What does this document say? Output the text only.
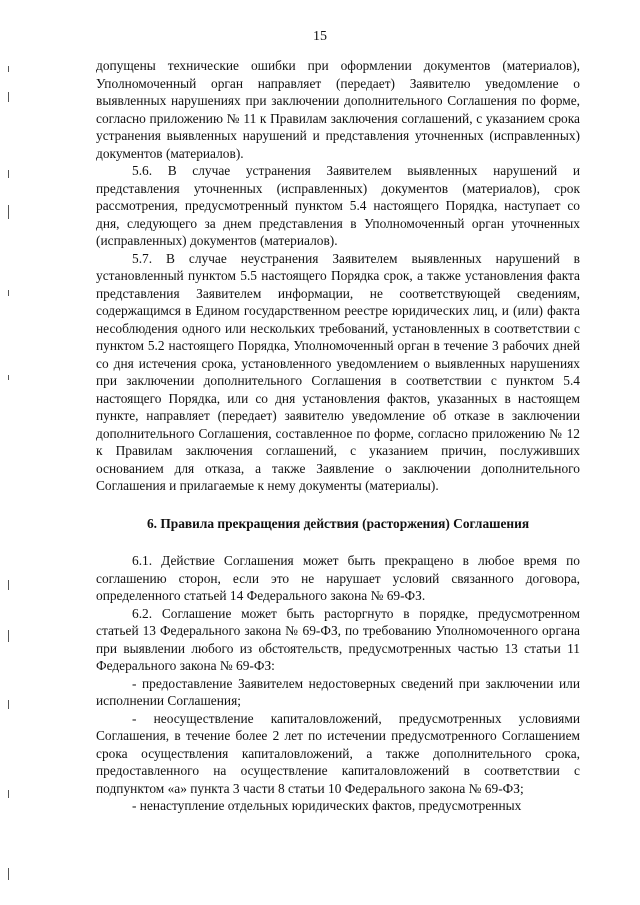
15

допущены технические ошибки при оформлении документов (материалов), Уполномоченный орган направляет (передает) Заявителю уведомление о выявленных нарушениях при заключении дополнительного Соглашения по форме, согласно приложению № 11 к Правилам заключения соглашений, с указанием срока устранения выявленных нарушений и представления уточненных (исправленных) документов (материалов).

5.6. В случае устранения Заявителем выявленных нарушений и представления уточненных (исправленных) документов (материалов), срок рассмотрения, предусмотренный пунктом 5.4 настоящего Порядка, наступает со дня, следующего за днем представления в Уполномоченный орган уточненных (исправленных) документов (материалов).

5.7. В случае неустранения Заявителем выявленных нарушений в установленный пунктом 5.5 настоящего Порядка срок, а также установления факта представления Заявителем информации, не соответствующей сведениям, содержащимся в Едином государственном реестре юридических лиц, и (или) факта несоблюдения одного или нескольких требований, установленных в соответствии с пунктом 5.2 настоящего Порядка, Уполномоченный орган в течение 3 рабочих дней со дня истечения срока, установленного уведомлением о выявленных нарушениях при заключении дополнительного Соглашения в соответствии с пунктом 5.4 настоящего Порядка, или со дня установления фактов, указанных в настоящем пункте, направляет (передает) заявителю уведомление об отказе в заключении дополнительного Соглашения, составленное по форме, согласно приложению № 12 к Правилам заключения соглашений, с указанием причин, послуживших основанием для отказа, а также Заявление о заключении дополнительного Соглашения и прилагаемые к нему документы (материалы).

6. Правила прекращения действия (расторжения) Соглашения

6.1. Действие Соглашения может быть прекращено в любое время по соглашению сторон, если это не нарушает условий связанного договора, определенного статьей 14 Федерального закона № 69-ФЗ.

6.2. Соглашение может быть расторгнуто в порядке, предусмотренном статьей 13 Федерального закона № 69-ФЗ, по требованию Уполномоченного органа при выявлении любого из обстоятельств, предусмотренных частью 13 статьи 11 Федерального закона № 69-ФЗ:

- предоставление Заявителем недостоверных сведений при заключении или исполнении Соглашения;

- неосуществление капиталовложений, предусмотренных условиями Соглашения, в течение более 2 лет по истечении предусмотренного Соглашением срока осуществления капиталовложений, а также дополнительного срока, предоставленного на осуществление капиталовложений в соответствии с подпунктом «а» пункта 3 части 8 статьи 10 Федерального закона № 69-ФЗ;

- ненаступление отдельных юридических фактов, предусмотренных
